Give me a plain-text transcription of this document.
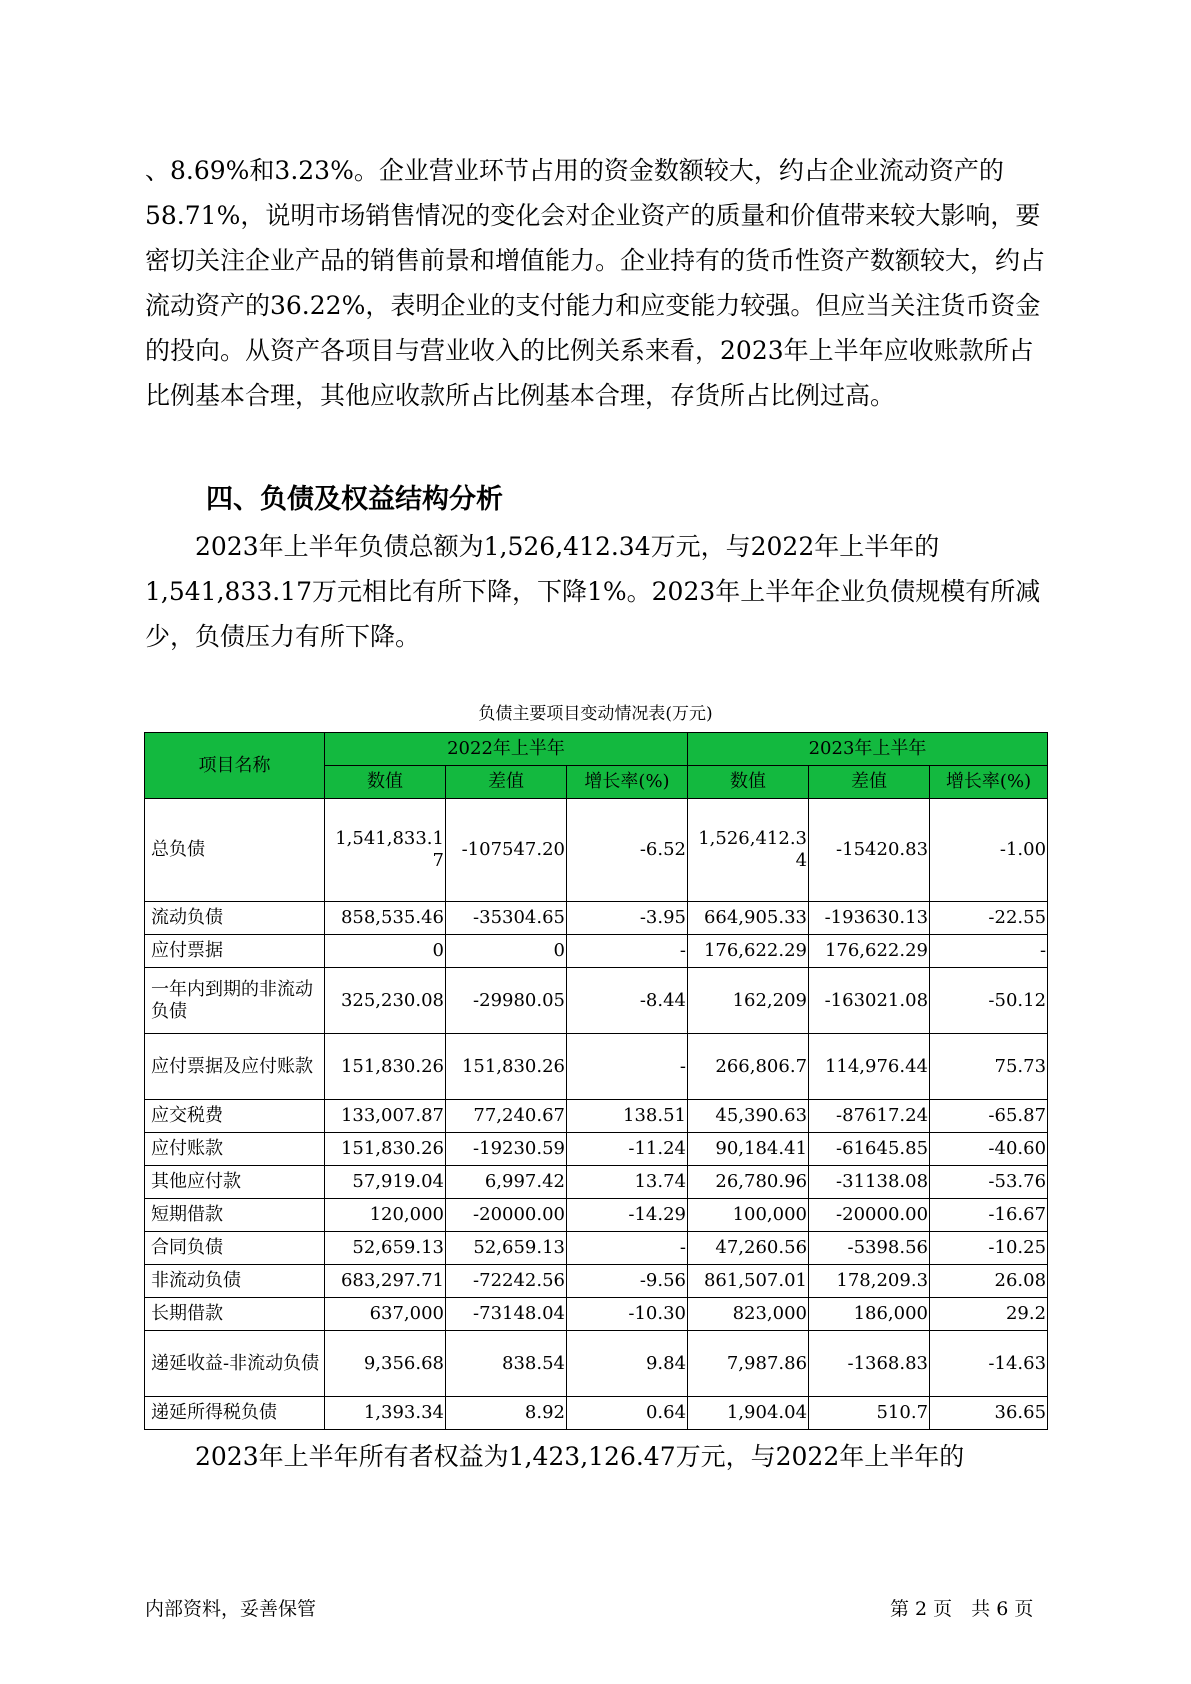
、8.69%和3.23%。企业营业环节占用的资金数额较大，约占企业流动资产的58.71%，说明市场销售情况的变化会对企业资产的质量和价值带来较大影响，要密切关注企业产品的销售前景和增值能力。企业持有的货币性资产数额较大，约占流动资产的36.22%，表明企业的支付能力和应变能力较强。但应当关注货币资金的投向。从资产各项目与营业收入的比例关系来看，2023年上半年应收账款所占比例基本合理，其他应收款所占比例基本合理，存货所占比例过高。

四、负债及权益结构分析

2023年上半年负债总额为1,526,412.34万元，与2022年上半年的1,541,833.17万元相比有所下降，下降1%。2023年上半年企业负债规模有所减少，负债压力有所下降。

负债主要项目变动情况表(万元)
项目名称	2022年上半年			2023年上半年		
	数值	差值	增长率(%)	数值	差值	增长率(%)
总负债	1,541,833.17	-107547.20	-6.52	1,526,412.34	-15420.83	-1.00
流动负债	858,535.46	-35304.65	-3.95	664,905.33	-193630.13	-22.55
应付票据	0	0	-	176,622.29	176,622.29	-
一年内到期的非流动负债	325,230.08	-29980.05	-8.44	162,209	-163021.08	-50.12
应付票据及应付账款	151,830.26	151,830.26	-	266,806.7	114,976.44	75.73
应交税费	133,007.87	77,240.67	138.51	45,390.63	-87617.24	-65.87
应付账款	151,830.26	-19230.59	-11.24	90,184.41	-61645.85	-40.60
其他应付款	57,919.04	6,997.42	13.74	26,780.96	-31138.08	-53.76
短期借款	120,000	-20000.00	-14.29	100,000	-20000.00	-16.67
合同负债	52,659.13	52,659.13	-	47,260.56	-5398.56	-10.25
非流动负债	683,297.71	-72242.56	-9.56	861,507.01	178,209.3	26.08
长期借款	637,000	-73148.04	-10.30	823,000	186,000	29.2
递延收益-非流动负债	9,356.68	838.54	9.84	7,987.86	-1368.83	-14.63
递延所得税负债	1,393.34	8.92	0.64	1,904.04	510.7	36.65

2023年上半年所有者权益为1,423,126.47万元，与2022年上半年的

内部资料，妥善保管	第 2 页　共 6 页
